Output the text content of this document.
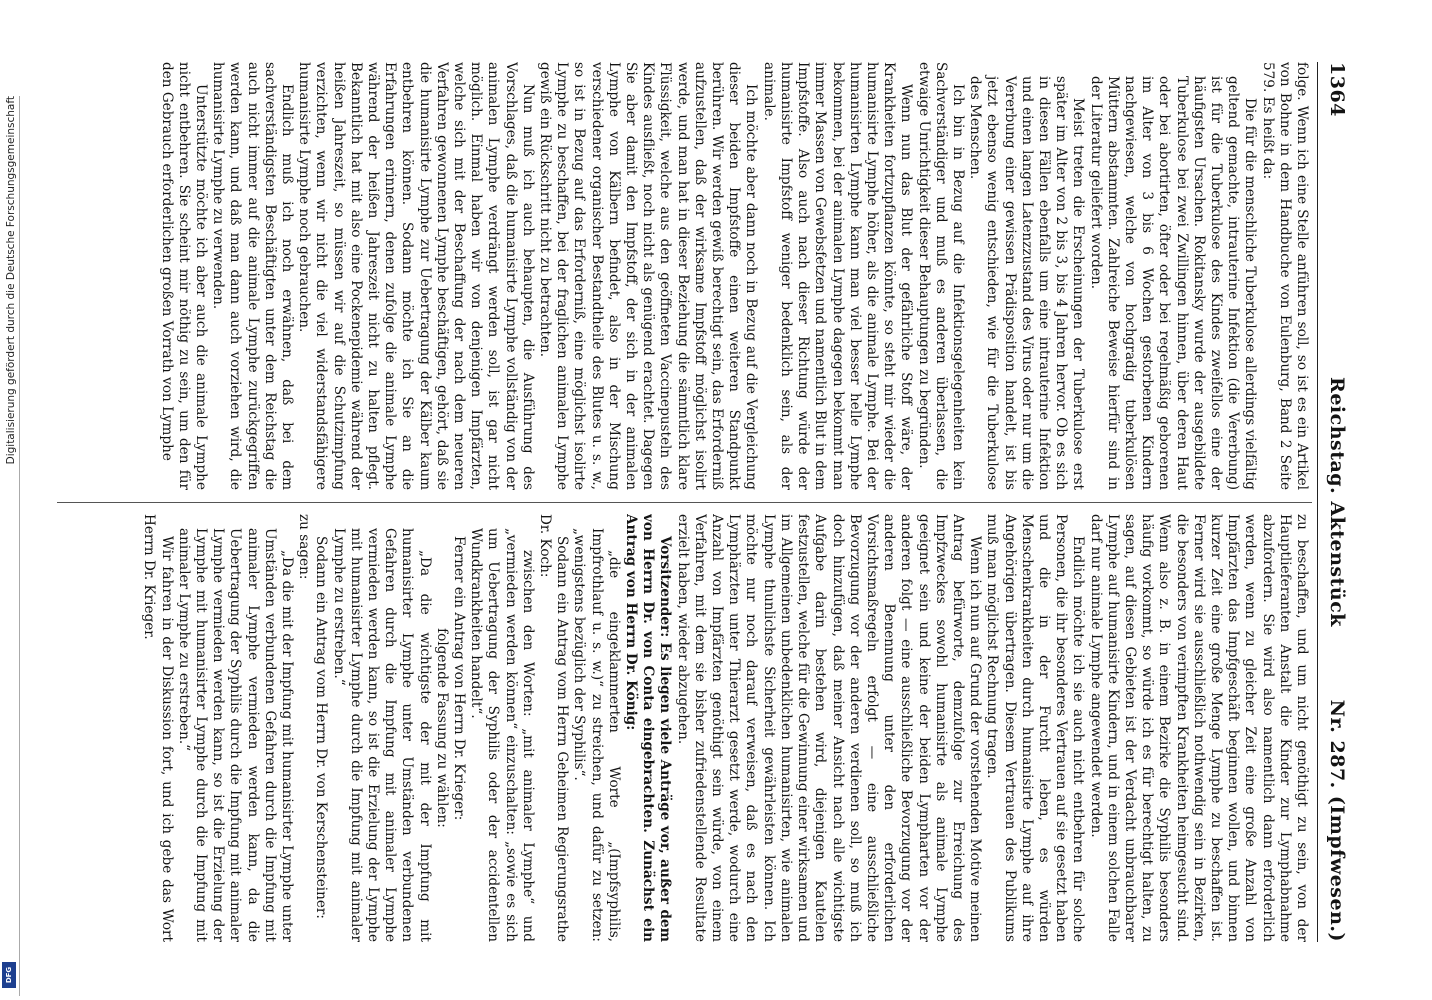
1364
Reichstag. Aktenstück
Nr. 287. (Impfwesen.)

folge. Wenn ich eine Stelle anführen soll, so ist es ein Artikel von Bohne in dem Handbuche von Eulenburg, Band 2 Seite 579. Es heißt da:

Die für die menschliche Tuberkulose allerdings vielfältig geltend gemachte, intrauterine Infektion (die Vererbung) ist für die Tuberkulose des Kindes zweifellos eine der häufigsten Ursachen. Rokitansky wurde der ausgebildete Tuberkulose bei zwei Zwillingen hinnen, über deren Haut oder bei abortirten, öfter oder bei regelmäßig geborenen im Alter von 3 bis 6 Wochen gestorbenen Kindern nachgewiesen, welche von hochgradig tuberkulösen Müttern abstammten. Zahlreiche Beweise hierfür sind in der Literatur geliefert worden.

Meist treten die Erscheinungen der Tuberkulose erst später im Alter von 2 bis 3, bis 4 Jahren hervor. Ob es sich in diesen Fällen ebenfalls um eine intrauterine Infektion und einen langen Latenzzustand des Virus oder nur um die Vererbung einer gewissen Prädisposition handelt, ist bis jetzt ebenso wenig entschieden, wie für die Tuberkulose des Menschen.

Ich bin in Bezug auf die Infektionsgelegenheiten kein Sachverständiger und muß es anderen überlassen, die etwaige Unrichtigkeit dieser Behauptungen zu begründen.

Wenn nun das Blut der gefährliche Stoff wäre, der Krankheiten fortzupflanzen könnte, so steht mir wieder die humanisirte Lymphe höher, als die animale Lymphe. Bei der humanisirten Lymphe kann man viel besser helle Lymphe bekommen, bei der animalen Lymphe dagegen bekommt man immer Massen von Gewebsfetzen und namentlich Blut in dem Impfstoffe. Also auch nach dieser Richtung würde der humanisirte Impfstoff weniger bedenklich sein, als der animale.

Ich möchte aber dann noch in Bezug auf die Vergleichung dieser beiden Impfstoffe einen weiteren Standpunkt berühren. Wir werden gewiß berechtigt sein, das Erforderniß aufzustellen, daß der wirksame Impfstoff möglichst isolirt werde, und man hat in dieser Beziehung die sämmtlich klare Flüssigkeit, welche aus den geöffneten Vaccinepusteln des Kindes ausfließt, noch nicht als genügend erachtet. Dagegen Sie aber damit den Impfstoff, der sich in der animalen Lymphe von Kälbern befindet, also in der Mischung verschiedener organischer Bestandtheile des Blutes u. s. w., so ist in Bezug auf das Erforderniß, eine möglichst isolirte Lymphe zu beschaffen, bei der fraglichen animalen Lymphe gewiß ein Rückschritt nicht zu betrachten.

Nun muß ich auch behaupten, die Ausführung des Vorschlages, daß die humanisirte Lymphe vollständig von der animalen Lymphe verdrängt werden soll, ist gar nicht möglich. Einmal haben wir von denjenigen Impfärzten, welche sich mit der Beschaffung der nach dem neueren Verfahren gewonnenen Lymphe beschäftigen, gehört, daß sie die humanisirte Lymphe zur Uebertragung der Kälber kaum entbehren können. Sodann möchte ich Sie an die Erfahrungen erinnern, denen zufolge die animale Lymphe während der heißen Jahreszeit nicht zu halten pflegt. Bekanntlich hat mit also eine Pockenepidemie während der heißen Jahreszeit, so müssen wir auf die Schutzimpfung verzichten, wenn wir nicht die viel widerstandsfähigere humanisirte Lymphe noch gebrauchen.

Endlich muß ich noch erwähnen, daß bei dem sachverständigsten Beschäftigten unter dem Reichstag die auch nicht immer auf die animale Lymphe zurückgegriffen werden kann, und daß man dann auch vorziehen wird, die humanisirte Lymphe zu verwenden.

Unterstützte möchte ich aber auch die animale Lymphe nicht entbehren. Sie scheint mir nöthig zu sein, um den für den Gebrauch erforderlichen großen Vorrath von Lymphe

zu beschaffen, und um nicht genöthigt zu sein, von der Hauptlieferanten Anstalt die Kinder zur Lymphabnahme abzufordern. Sie wird also namentlich dann erforderlich werden, wenn zu gleicher Zeit eine große Anzahl von Impfärzten das Impfgeschäft beginnen wollen, und binnen kurzer Zeit eine große Menge Lymphe zu beschaffen ist. Ferner wird sie ausschließlich nothwendig sein in Bezirken, die besonders von verimpften Krankheiten heimgesucht sind. Wenn also z. B. in einem Bezirke die Syphilis besonders häufig vorkommt, so würde ich es für berechtigt halten, zu sagen, auf diesen Gebieten ist der Verdacht unbrauchbarer Lymphe auf humanisirte Kindern, und in einem solchen Falle darf nur animale Lymphe angewendet werden.

Endlich möchte ich sie auch nicht entbehren für solche Personen, die ihr besonderes Vertrauen auf sie gesetzt haben und die in der Furcht leben, es würden Menschenkrankheiten durch humanisirte Lymphe auf ihre Angehörigen übertragen. Diesem Vertrauen des Publikums muß man möglichst Rechnung tragen.

Wenn ich nun auf Grund der vorstehenden Motive meinen Antrag befürworte, demzufolge zur Erreichung des Impfzweckes sowohl humanisirte als animale Lymphe geeignet sein und keine der beiden Lympharten vor der anderen folgt — eine ausschließliche Bevorzugung vor der anderen Benennung unter den erforderlichen Vorsichtsmaßregeln erfolgt — eine ausschließliche Bevorzugung vor der anderen verdienen soll, so muß ich doch hinzufügen, daß meiner Ansicht nach alle wichtigste Aufgabe darin bestehen wird, diejenigen Kautelen festzustellen, welche für die Gewinnung einer wirksamen und im Allgemeinen unbedenklichen humanisirten, wie animalen Lymphe thunlichste Sicherheit gewährleisten können. Ich möchte nur noch darauf verweisen, daß es nach den Lymphärzten unter Thierarzt gesetzt werde, wodurch eine Anzahl von Impfärzten genöthigt sein würde, von einem Verfahren, mit dem sie bisher zufriedenstellende Resultate erzielt haben, wieder abzugehen.

Vorsitzender: Es liegen viele Anträge vor, außer dem von Herrn Dr. von Conta eingebrachten. Zunächst ein Antrag von Herrn Dr. König:

„die eingeklammerten Worte „(Impfsyphilis, Impfrothlauf u. s. w.)“ zu streichen, und dafür zu setzen: „wenigstens bezüglich der Syphilis“.

Sodann ein Antrag vom Herrn Geheimen Regierungsrathe Dr. Koch:

zwischen den Worten: „mit animaler Lymphe“ und „vermieden werden können“ einzuschalten: „sowie es sich um Uebertragung der Syphilis oder der accidentellen Wundkrankheiten handelt“.

Ferner ein Antrag von Herrn Dr. Krieger:

folgende Fassung zu wählen:

„Da die wichtigste der mit der Impfung mit humanisirter Lymphe unter Umständen verbundenen Gefahren durch die Impfung mit animaler Lymphe vermieden werden kann, so ist die Erzielung der Lymphe mit humanisirter Lymphe durch die Impfung mit animaler Lymphe zu erstreben.“

Sodann ein Antrag vom Herrn Dr. von Kerschensteiner:

zu sagen:

„Da die mit der Impfung mit humanisirter Lymphe unter Umständen verbundenen Gefahren durch die Impfung mit animaler Lymphe vermieden werden kann, da die Uebertragung der Syphilis durch die Impfung mit animaler Lymphe vermieden werden kann, so ist die Erzielung der Lymphe mit humanisirter Lymphe durch die Impfung mit animaler Lymphe zu erstreben.“

Wir fahren in der Diskussion fort, und ich gebe das Wort Herrn Dr. Krieger.

Digitalisierung gefördert durch die Deutsche Forschungsgemeinschaft
DFG
